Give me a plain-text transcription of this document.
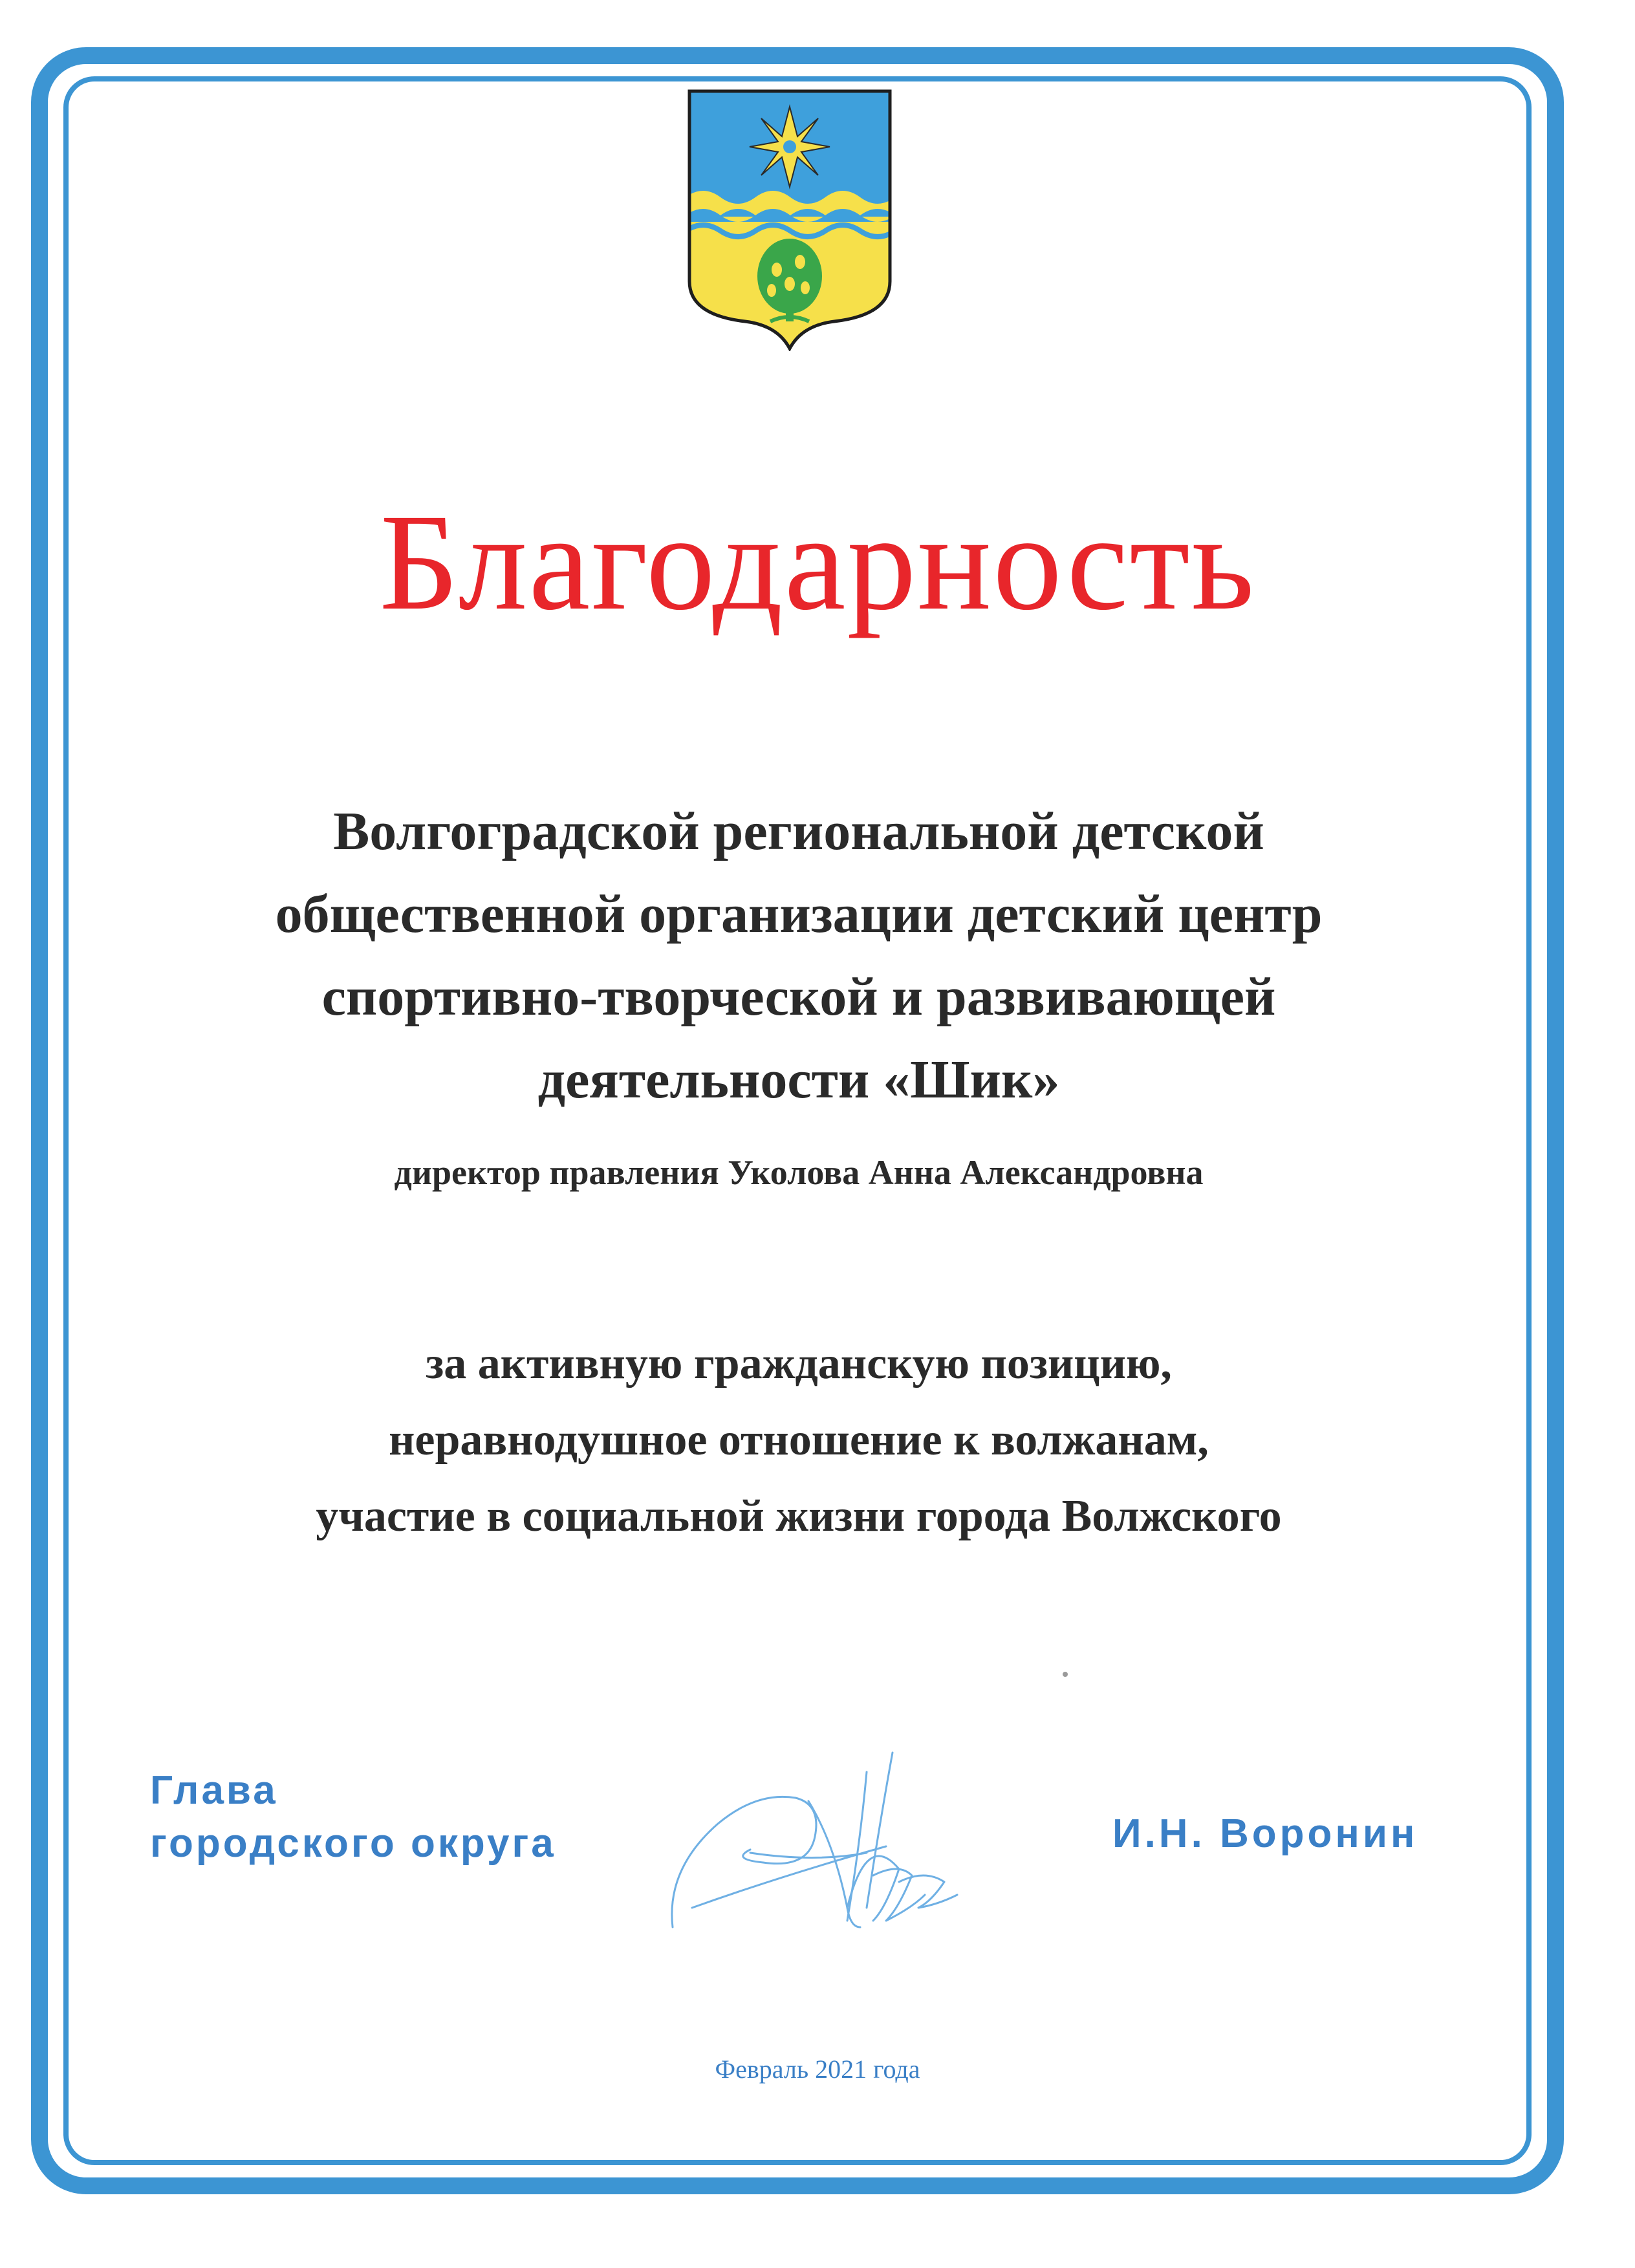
Благодарность
Волгоградской региональной детской
общественной организации детский центр
спортивно-творческой и развивающей
деятельности «Шик»
директор правления Уколова Анна Александровна
за активную гражданскую позицию,
неравнодушное отношение к волжанам,
участие в социальной жизни города Волжского
Глава
городского округа	И.Н. Воронин
Февраль 2021 года
